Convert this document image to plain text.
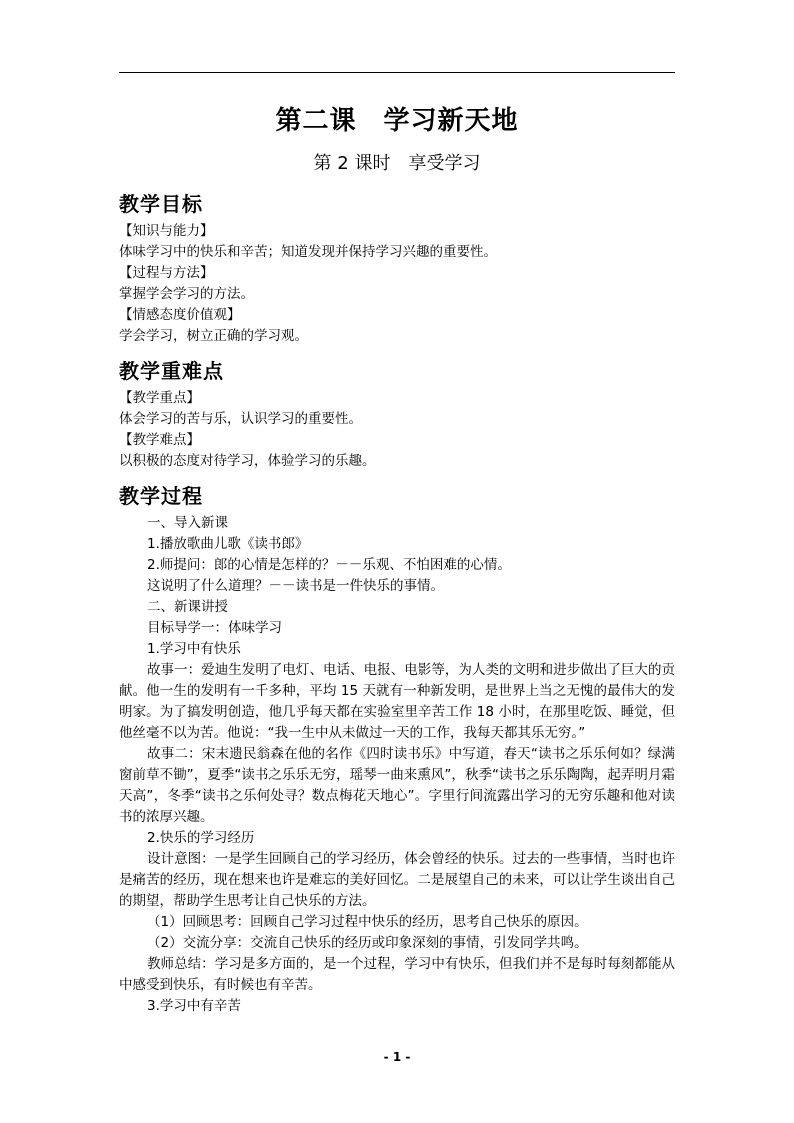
第二课　学习新天地
第 2 课时　享受学习
教学目标
【知识与能力】
体味学习中的快乐和辛苦；知道发现并保持学习兴趣的重要性。
【过程与方法】
掌握学会学习的方法。
【情感态度价值观】
学会学习，树立正确的学习观。
教学重难点
【教学重点】
体会学习的苦与乐，认识学习的重要性。
【教学难点】
以积极的态度对待学习，体验学习的乐趣。
教学过程
一、导入新课
1.播放歌曲儿歌《读书郎》
2.师提问：郎的心情是怎样的？－－乐观、不怕困难的心情。
这说明了什么道理？－－读书是一件快乐的事情。
二、新课讲授
目标导学一：体味学习
1.学习中有快乐
故事一：爱迪生发明了电灯、电话、电报、电影等，为人类的文明和进步做出了巨大的贡献。他一生的发明有一千多种，平均 15 天就有一种新发明，是世界上当之无愧的最伟大的发明家。为了搞发明创造，他几乎每天都在实验室里辛苦工作 18 小时，在那里吃饭、睡觉，但他丝毫不以为苦。他说：“我一生中从未做过一天的工作，我每天都其乐无穷。”
故事二：宋末遗民翁森在他的名作《四时读书乐》中写道，春天“读书之乐乐何如？绿满窗前草不锄”，夏季“读书之乐乐无穷，瑶琴一曲来熏风”，秋季“读书之乐乐陶陶，起弄明月霜天高”，冬季“读书之乐何处寻？数点梅花天地心”。字里行间流露出学习的无穷乐趣和他对读书的浓厚兴趣。
2.快乐的学习经历
设计意图：一是学生回顾自己的学习经历，体会曾经的快乐。过去的一些事情，当时也许是痛苦的经历，现在想来也许是难忘的美好回忆。二是展望自己的未来，可以让学生谈出自己的期望，帮助学生思考让自己快乐的方法。
（1）回顾思考：回顾自己学习过程中快乐的经历，思考自己快乐的原因。
（2）交流分享：交流自己快乐的经历或印象深刻的事情，引发同学共鸣。
教师总结：学习是多方面的，是一个过程，学习中有快乐，但我们并不是每时每刻都能从中感受到快乐，有时候也有辛苦。
3.学习中有辛苦
- 1 -
